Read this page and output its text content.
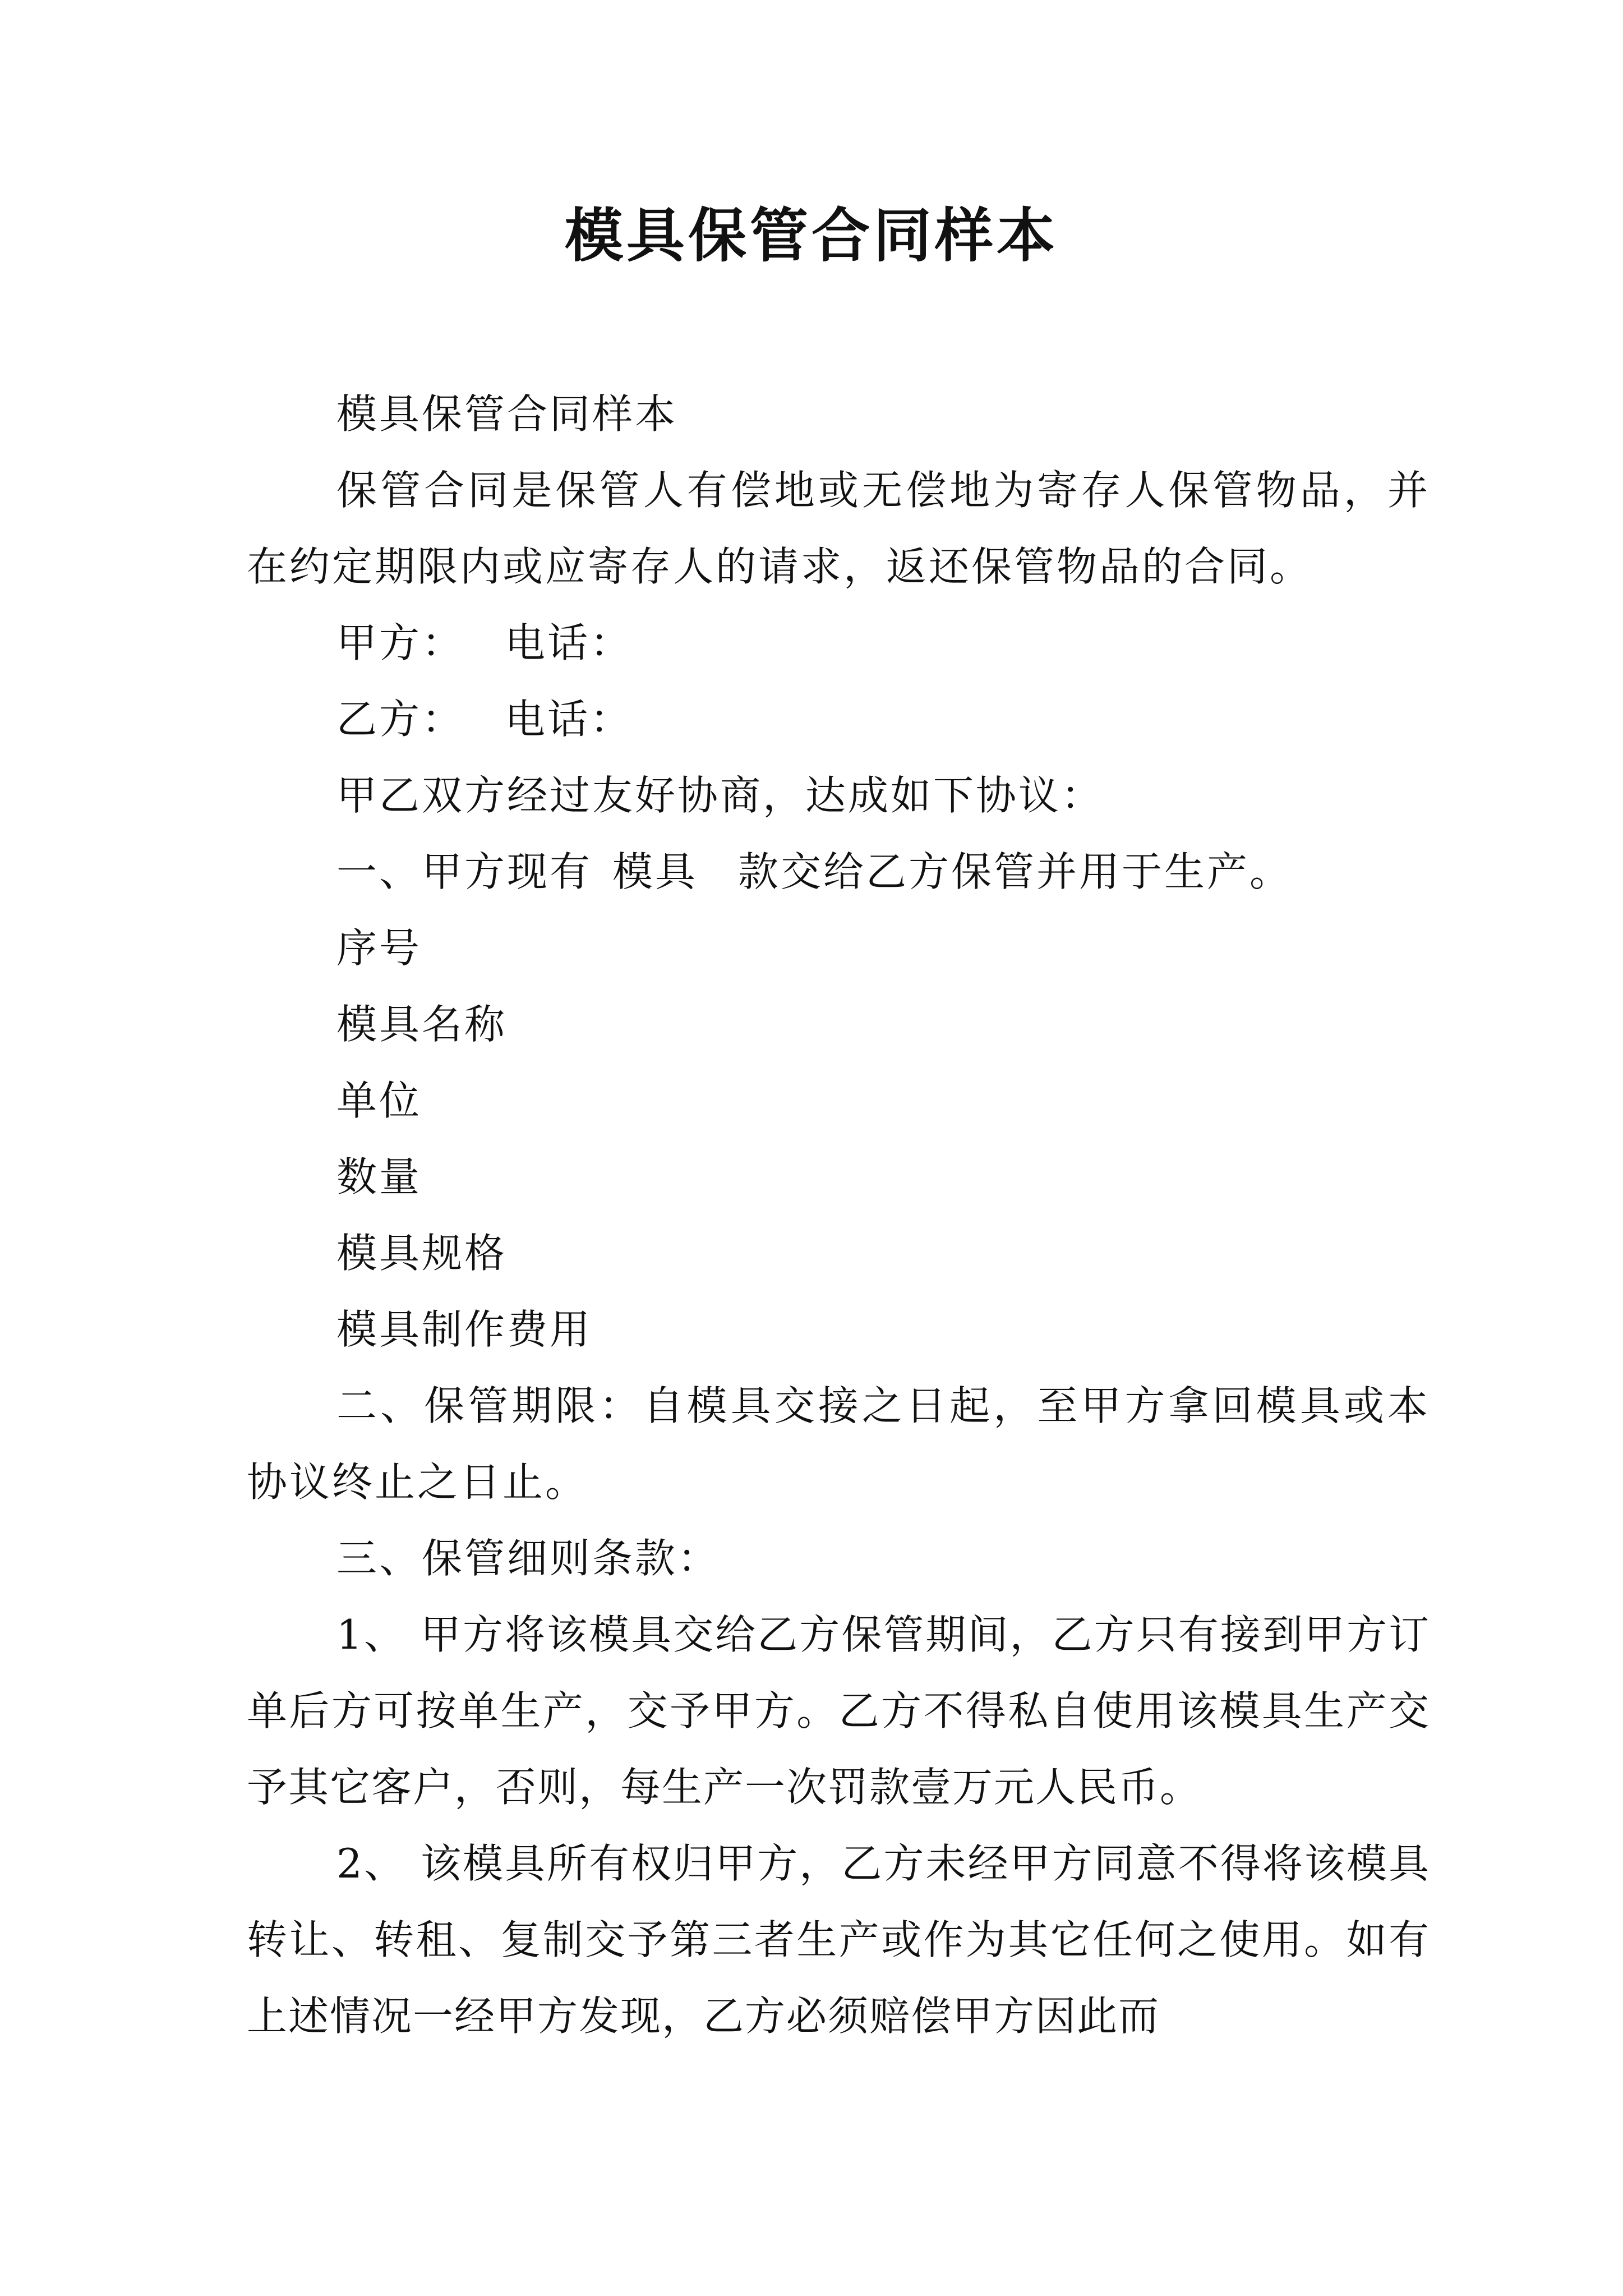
模具保管合同样本

模具保管合同样本

保管合同是保管人有偿地或无偿地为寄存人保管物品，并在约定期限内或应寄存人的请求，返还保管物品的合同。

甲方： 电话：

乙方： 电话：

甲乙双方经过友好协商，达成如下协议：

一、甲方现有 模具 款交给乙方保管并用于生产。

序号

模具名称

单位

数量

模具规格

模具制作费用

二、保管期限：自模具交接之日起，至甲方拿回模具或本协议终止之日止。

三、保管细则条款：

1、 甲方将该模具交给乙方保管期间，乙方只有接到甲方订单后方可按单生产，交予甲方。乙方不得私自使用该模具生产交予其它客户，否则，每生产一次罚款壹万元人民币。

2、 该模具所有权归甲方，乙方未经甲方同意不得将该模具转让、转租、复制交予第三者生产或作为其它任何之使用。如有上述情况一经甲方发现，乙方必须赔偿甲方因此而
